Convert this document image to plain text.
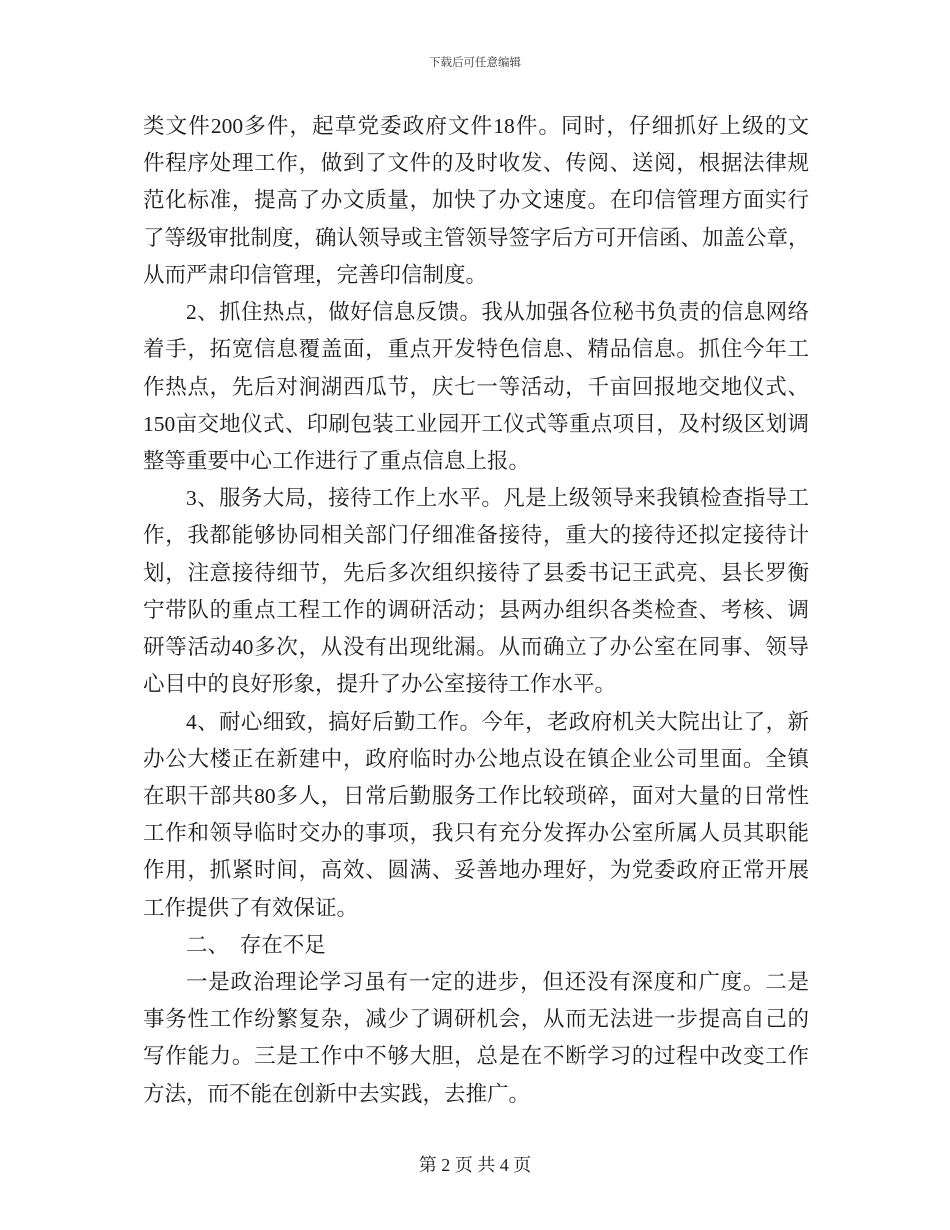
下载后可任意编辑
类文件200多件，起草党委政府文件18件。同时，仔细抓好上级的文
件程序处理工作，做到了文件的及时收发、传阅、送阅，根据法律规
范化标准，提高了办文质量，加快了办文速度。在印信管理方面实行
了等级审批制度，确认领导或主管领导签字后方可开信函、加盖公章，
从而严肃印信管理，完善印信制度。
2、抓住热点，做好信息反馈。我从加强各位秘书负责的信息网络
着手，拓宽信息覆盖面，重点开发特色信息、精品信息。抓住今年工
作热点，先后对涧湖西瓜节，庆七一等活动，千亩回报地交地仪式、
150亩交地仪式、印刷包装工业园开工仪式等重点项目，及村级区划调
整等重要中心工作进行了重点信息上报。
3、服务大局，接待工作上水平。凡是上级领导来我镇检查指导工
作，我都能够协同相关部门仔细准备接待，重大的接待还拟定接待计
划，注意接待细节，先后多次组织接待了县委书记王武亮、县长罗衡
宁带队的重点工程工作的调研活动；县两办组织各类检查、考核、调
研等活动40多次，从没有出现纰漏。从而确立了办公室在同事、领导
心目中的良好形象，提升了办公室接待工作水平。
4、耐心细致，搞好后勤工作。今年，老政府机关大院出让了，新
办公大楼正在新建中，政府临时办公地点设在镇企业公司里面。全镇
在职干部共80多人，日常后勤服务工作比较琐碎，面对大量的日常性
工作和领导临时交办的事项，我只有充分发挥办公室所属人员其职能
作用，抓紧时间，高效、圆满、妥善地办理好，为党委政府正常开展
工作提供了有效保证。
二、  存在不足
一是政治理论学习虽有一定的进步，但还没有深度和广度。二是
事务性工作纷繁复杂，减少了调研机会，从而无法进一步提高自己的
写作能力。三是工作中不够大胆，总是在不断学习的过程中改变工作
方法，而不能在创新中去实践，去推广。
第 2 页 共 4 页
